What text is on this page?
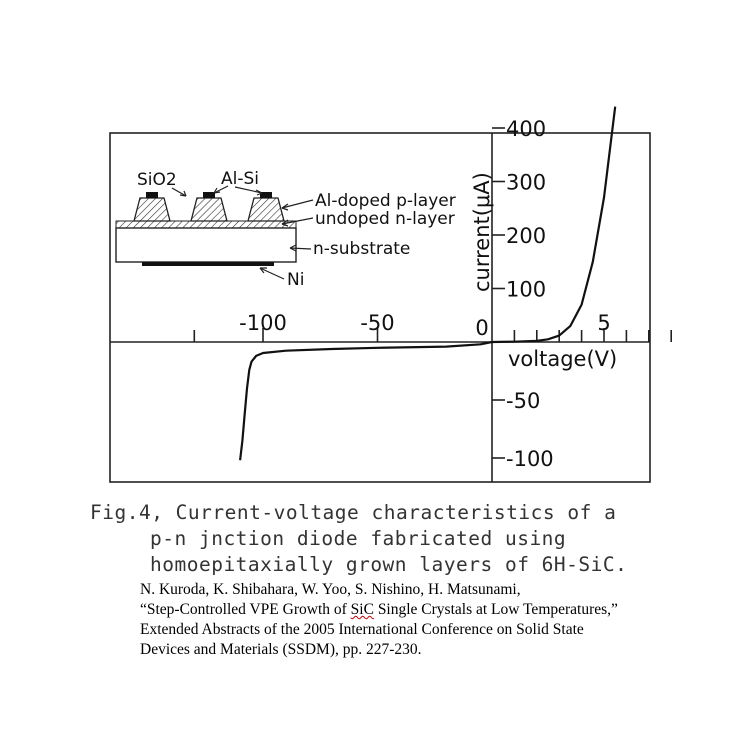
current(μA)
voltage(V)
-100	-50	0	5
100
200
300
400
-50
-100
SiO2	Al-Si
Al-doped p-layer
undoped n-layer
n-substrate
Ni
Fig.4, Current-voltage characteristics of a
p-n jnction diode fabricated using
homoepitaxially grown layers of 6H-SiC.
N. Kuroda, K. Shibahara, W. Yoo, S. Nishino, H. Matsunami,
“Step-Controlled VPE Growth of SiC Single Crystals at Low Temperatures,”
Extended Abstracts of the 2005 International Conference on Solid State
Devices and Materials (SSDM), pp. 227-230.
